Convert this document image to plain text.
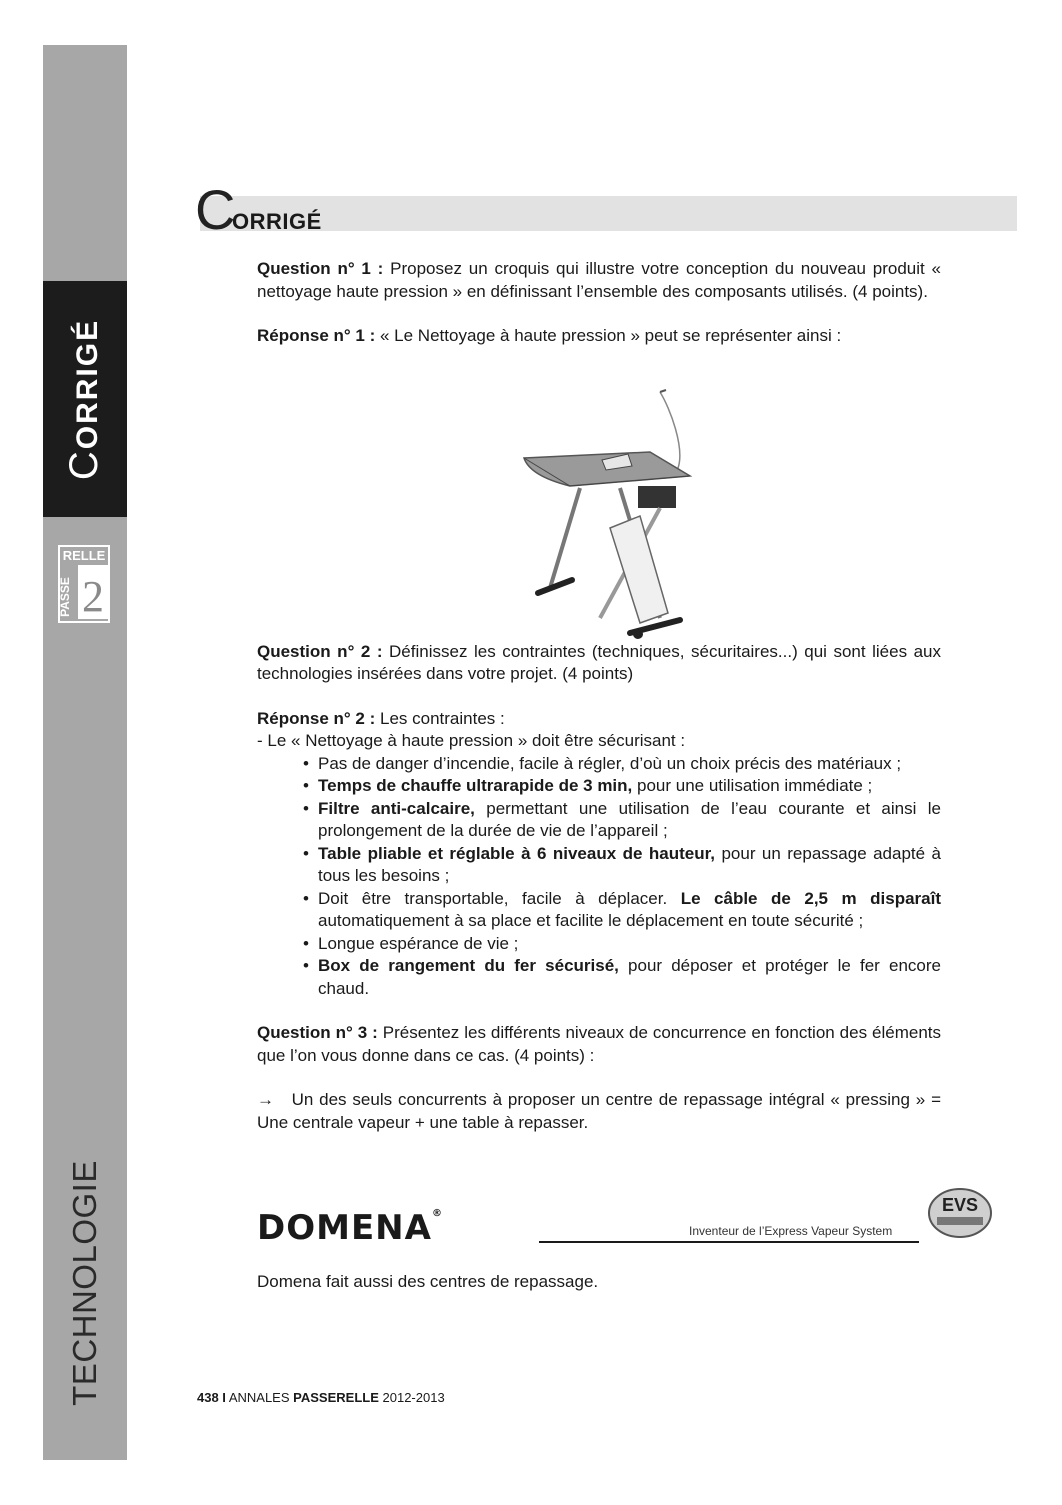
CORRIGÉ
RELLE
PASSE 2
TECHNOLOGIE
C
ORRIGÉ

Question n° 1 : Proposez un croquis qui illustre votre conception du nouveau produit « nettoyage haute pression » en définissant l’ensemble des composants utilisés. (4 points).

Réponse n° 1 : « Le Nettoyage à haute pression » peut se représenter ainsi :

Question n° 2 : Définissez les contraintes (techniques, sécuritaires...) qui sont liées aux technologies insérées dans votre projet. (4 points)

Réponse n° 2 : Les contraintes :

- Le « Nettoyage à haute pression » doit être sécurisant :

• Pas de danger d’incendie, facile à régler, d’où un choix précis des matériaux ;
• Temps de chauffe ultrarapide de 3 min, pour une utilisation immédiate ;
• Filtre anti-calcaire, permettant une utilisation de l’eau courante et ainsi le prolongement de la durée de vie de l’appareil ;
• Table pliable et réglable à 6 niveaux de hauteur, pour un repassage adapté à tous les besoins ;
• Doit être transportable, facile à déplacer. Le câble de 2,5 m disparaît automatiquement à sa place et facilite le déplacement en toute sécurité ;
• Longue espérance de vie ;
• Box de rangement du fer sécurisé, pour déposer et protéger le fer encore chaud.

Question n° 3 : Présentez les différents niveaux de concurrence en fonction des éléments que l’on vous donne dans ce cas. (4 points) :

→ Un des seuls concurrents à proposer un centre de repassage intégral « pressing » = Une centrale vapeur + une table à repasser.

DOMENA®
Inventeur de l’Express Vapeur System
EVS

Domena fait aussi des centres de repassage.

438 I ANNALES PASSERELLE 2012-2013
